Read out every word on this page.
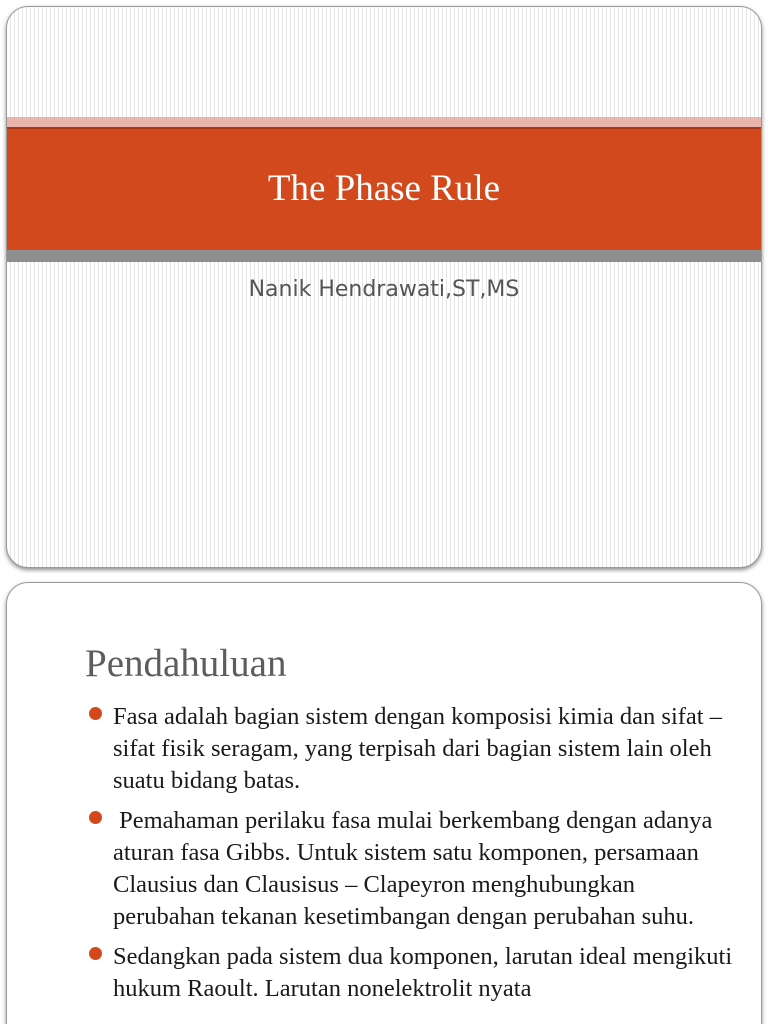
The Phase Rule

Nanik Hendrawati,ST,MS

Pendahuluan
Fasa adalah bagian sistem dengan komposisi kimia dan sifat – sifat fisik seragam, yang terpisah dari bagian sistem lain oleh suatu bidang batas.
Pemahaman perilaku fasa mulai berkembang dengan adanya aturan fasa Gibbs. Untuk sistem satu komponen, persamaan Clausius dan Clausisus – Clapeyron menghubungkan  perubahan tekanan kesetimbangan dengan perubahan suhu.
Sedangkan pada sistem dua komponen, larutan ideal mengikuti hukum Raoult. Larutan nonelektrolit nyata
